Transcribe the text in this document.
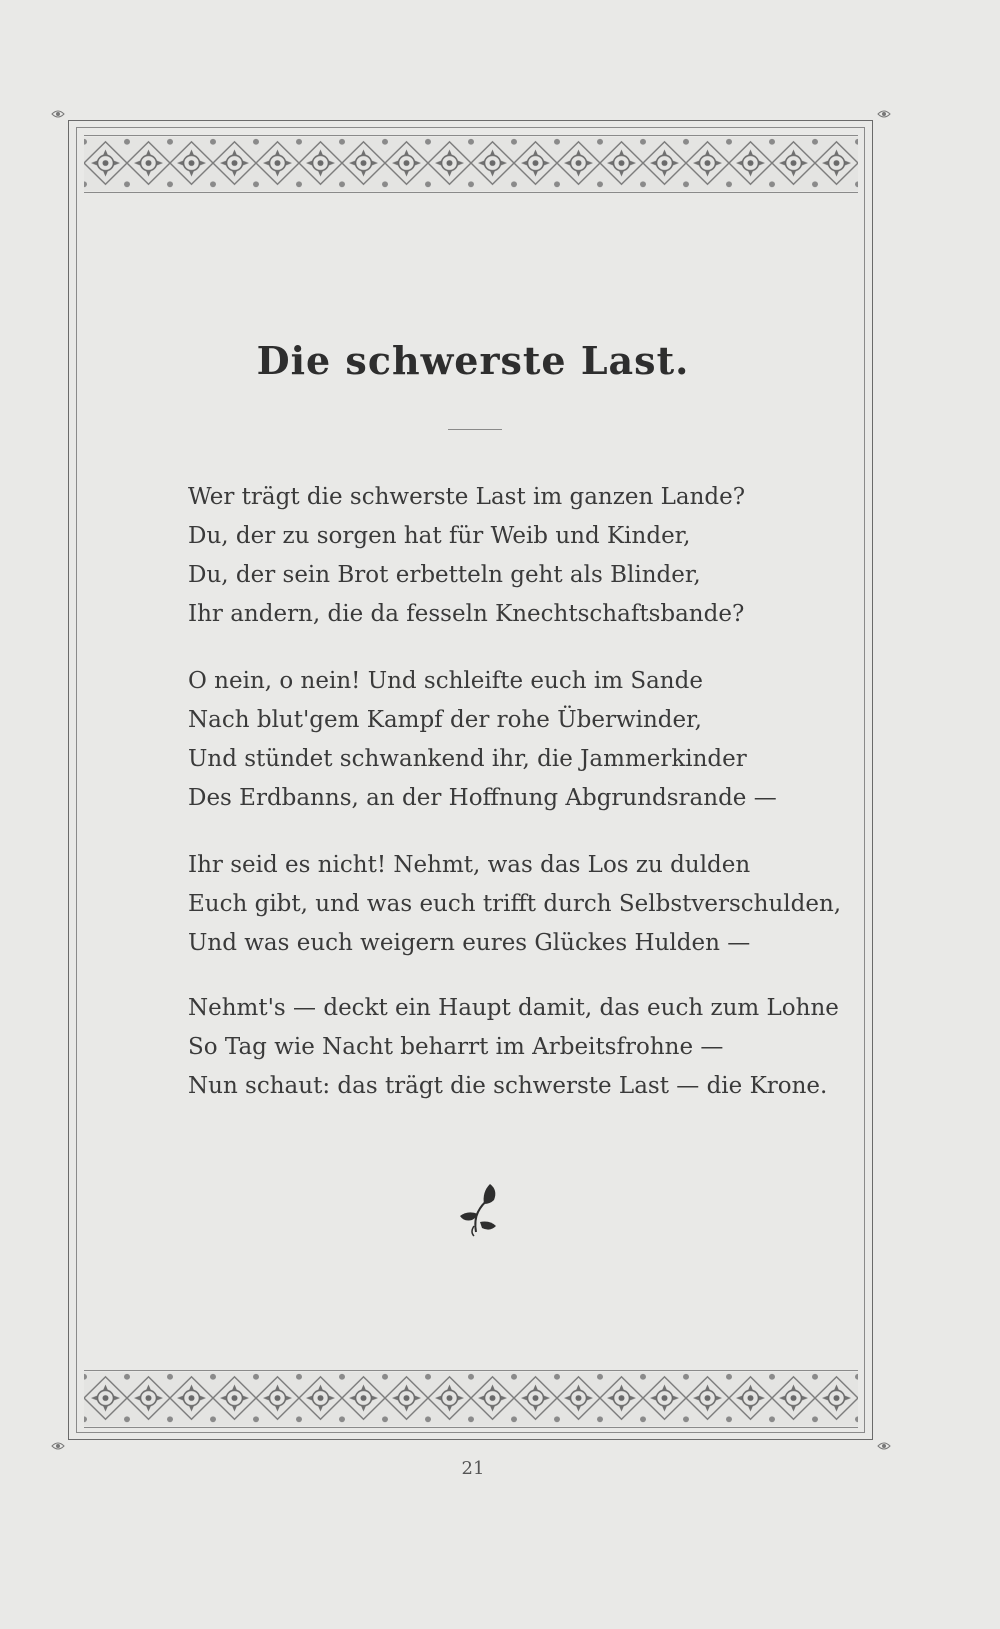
Die schwerste Last.
Wer trägt die schwerste Last im ganzen Lande?
Du, der zu sorgen hat für Weib und Kinder,
Du, der sein Brot erbetteln geht als Blinder,
Ihr andern, die da fesseln Knechtschaftsbande?
O nein, o nein! Und schleifte euch im Sande
Nach blut'gem Kampf der rohe Überwinder,
Und stündet schwankend ihr, die Jammerkinder
Des Erdbanns, an der Hoffnung Abgrundsrande —
Ihr seid es nicht! Nehmt, was das Los zu dulden
Euch gibt, und was euch trifft durch Selbstverschulden,
Und was euch weigern eures Glückes Hulden —
Nehmt's — deckt ein Haupt damit, das euch zum Lohne
So Tag wie Nacht beharrt im Arbeitsfrohne —
Nun schaut: das trägt die schwerste Last — die Krone.
21
